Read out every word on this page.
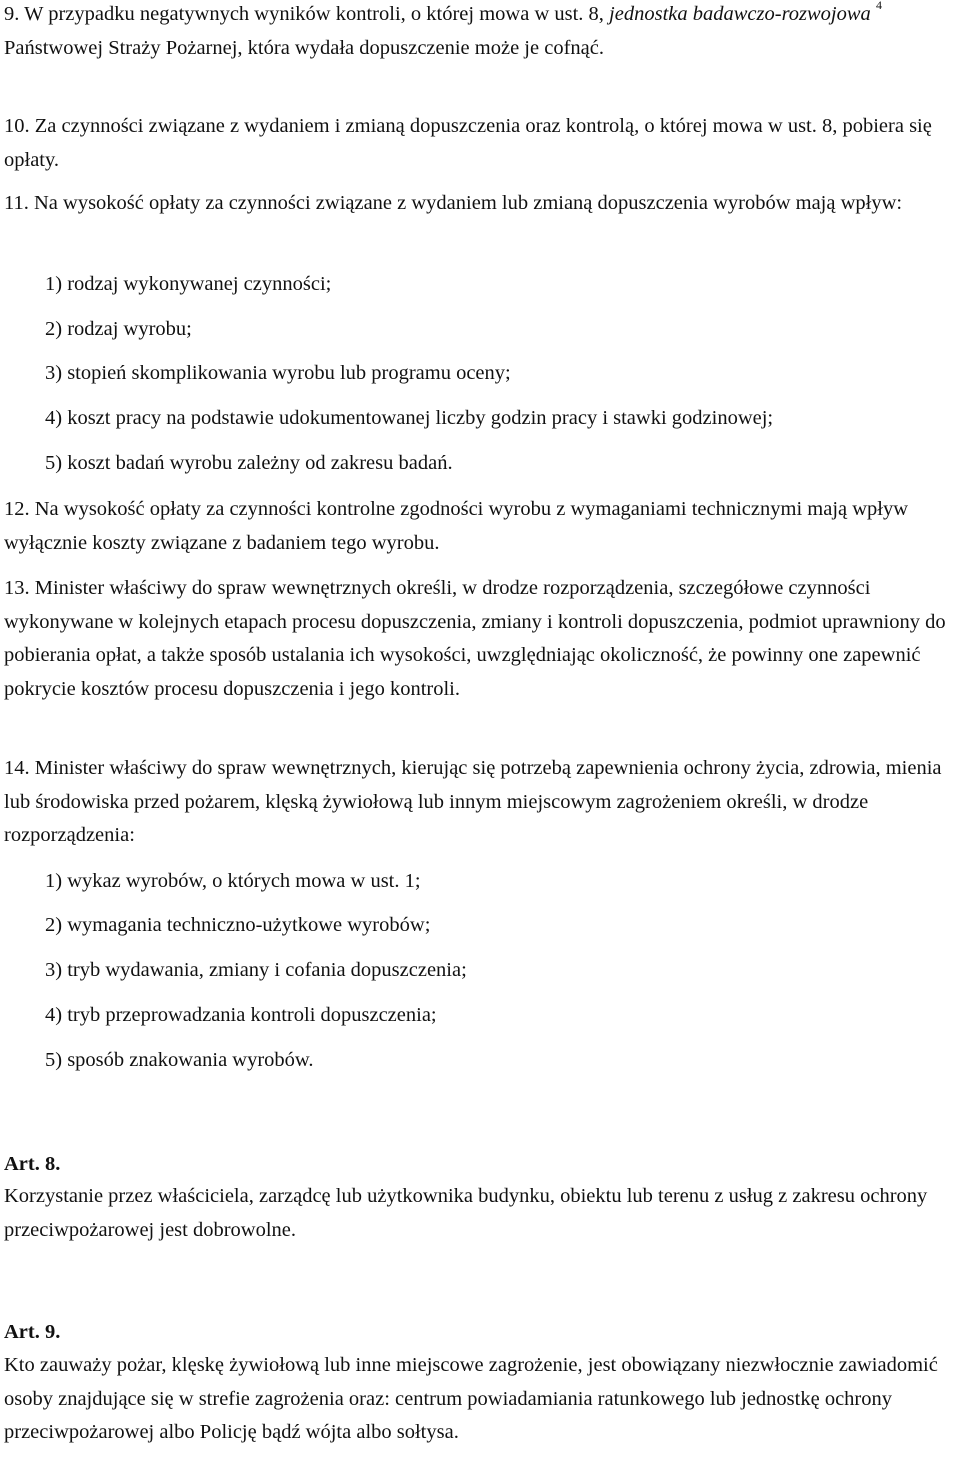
9. W przypadku negatywnych wyników kontroli, o której mowa w ust. 8, jednostka badawczo-rozwojowa $^4$ Państwowej Straży Pożarnej, która wydała dopuszczenie może je cofnąć.

10. Za czynności związane z wydaniem i zmianą dopuszczenia oraz kontrolą, o której mowa w ust. 8, pobiera się opłaty.

11. Na wysokość opłaty za czynności związane z wydaniem lub zmianą dopuszczenia wyrobów mają wpływ:

1) rodzaj wykonywanej czynności;

2) rodzaj wyrobu;

3) stopień skomplikowania wyrobu lub programu oceny;

4) koszt pracy na podstawie udokumentowanej liczby godzin pracy i stawki godzinowej;

5) koszt badań wyrobu zależny od zakresu badań.

12. Na wysokość opłaty za czynności kontrolne zgodności wyrobu z wymaganiami technicznymi mają wpływ wyłącznie koszty związane z badaniem tego wyrobu.

13. Minister właściwy do spraw wewnętrznych określi, w drodze rozporządzenia, szczegółowe czynności wykonywane w kolejnych etapach procesu dopuszczenia, zmiany i kontroli dopuszczenia, podmiot uprawniony do pobierania opłat, a także sposób ustalania ich wysokości, uwzględniając okoliczność, że powinny one zapewnić pokrycie kosztów procesu dopuszczenia i jego kontroli.

14. Minister właściwy do spraw wewnętrznych, kierując się potrzebą zapewnienia ochrony życia, zdrowia, mienia lub środowiska przed pożarem, klęską żywiołową lub innym miejscowym zagrożeniem określi, w drodze rozporządzenia:

1) wykaz wyrobów, o których mowa w ust. 1;

2) wymagania techniczno-użytkowe wyrobów;

3) tryb wydawania, zmiany i cofania dopuszczenia;

4) tryb przeprowadzania kontroli dopuszczenia;

5) sposób znakowania wyrobów.

Art. 8.

Korzystanie przez właściciela, zarządcę lub użytkownika budynku, obiektu lub terenu z usług z zakresu ochrony przeciwpożarowej jest dobrowolne.

Art. 9.

Kto zauważy pożar, klęskę żywiołową lub inne miejscowe zagrożenie, jest obowiązany niezwłocznie zawiadomić osoby znajdujące się w strefie zagrożenia oraz: centrum powiadamiania ratunkowego lub jednostkę ochrony przeciwpożarowej albo Policję bądź wójta albo sołtysa.
